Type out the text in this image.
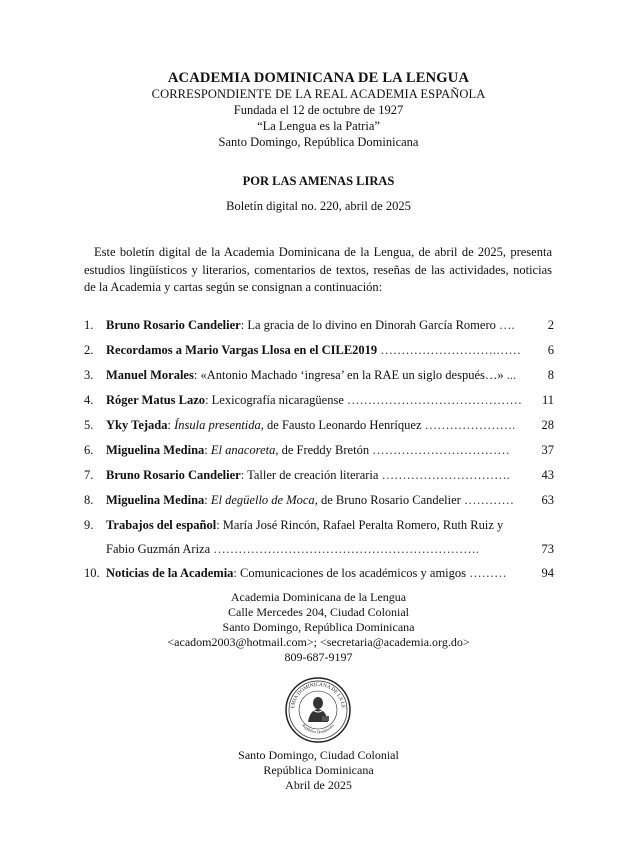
ACADEMIA DOMINICANA DE LA LENGUA
CORRESPONDIENTE DE LA REAL ACADEMIA ESPAÑOLA
Fundada el 12 de octubre de 1927
“La Lengua es la Patria”
Santo Domingo, República Dominicana
POR LAS AMENAS LIRAS
Boletín digital no. 220, abril de 2025
Este boletín digital de la Academia Dominicana de la Lengua, de abril de 2025, presenta estudios lingüísticos y literarios, comentarios de textos, reseñas de las actividades, noticias de la Academia y cartas según se consignan a continuación:
1.	Bruno Rosario Candelier: La gracia de lo divino en Dinorah García Romero ….	2
2.	Recordamos a Mario Vargas Llosa en el CILE2019 ……………………….……	6
3.	Manuel Morales: «Antonio Machado ‘ingresa’ en la RAE un siglo después…» ...	8
4.	Róger Matus Lazo: Lexicografía nicaragüense ……………………………………	11
5.	Yky Tejada: Ínsula presentida, de Fausto Leonardo Henríquez ………………….	28
6.	Miguelina Medina: El anacoreta, de Freddy Bretón ……………………………	37
7.	Bruno Rosario Candelier: Taller de creación literaria ………………………….	43
8.	Miguelina Medina: El degüello de Moca, de Bruno Rosario Candelier …………	63
9.	Trabajos del español: María José Rincón, Rafael Peralta Romero, Ruth Ruiz y
Fabio Guzmán Ariza ……………………………………………………….	73
10. Noticias de la Academia: Comunicaciones de los académicos y amigos ………	94
Academia Dominicana de la Lengua
Calle Mercedes 204, Ciudad Colonial
Santo Domingo, República Dominicana
<acadom2003@hotmail.com>; <secretaria@academia.org.do>
809-687-9197
EMIA DOMINICANA DE LA LE
República Dominicana
Santo Domingo, Ciudad Colonial
República Dominicana
Abril de 2025
